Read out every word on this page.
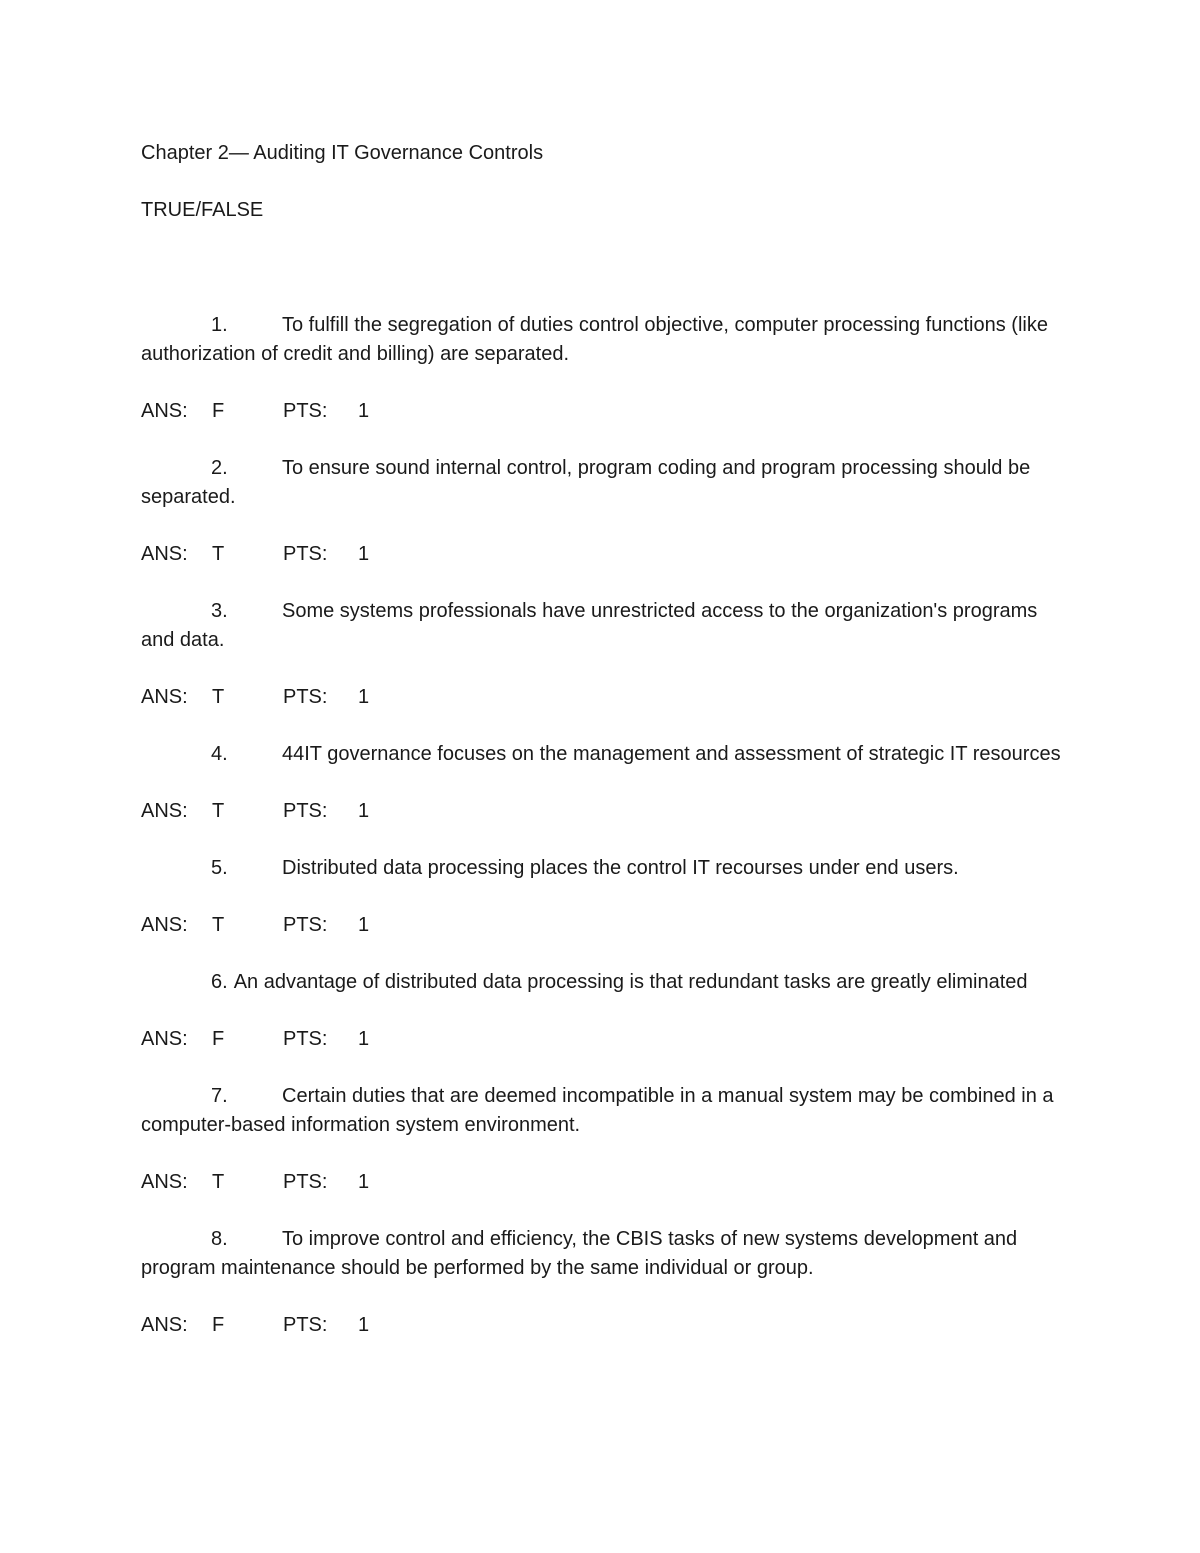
Chapter 2— Auditing IT Governance Controls

TRUE/FALSE

1.	To fulfill the segregation of duties control objective, computer processing functions (like authorization of credit and billing) are separated.
ANS: F	PTS: 1
2.	To ensure sound internal control, program coding and program processing should be separated.
ANS: T	PTS: 1
3.	Some systems professionals have unrestricted access to the organization's programs and data.
ANS: T	PTS: 1
4.	44IT governance focuses on the management and assessment of strategic IT resources
ANS: T	PTS: 1
5.	Distributed data processing places the control IT recourses under end users.
ANS: T	PTS: 1
6. An advantage of distributed data processing is that redundant tasks are greatly eliminated
ANS: F	PTS: 1
7.	Certain duties that are deemed incompatible in a manual system may be combined in a computer-based information system environment.
ANS: T	PTS: 1
8.	To improve control and efficiency, the CBIS tasks of new systems development and program maintenance should be performed by the same individual or group.
ANS: F	PTS: 1
